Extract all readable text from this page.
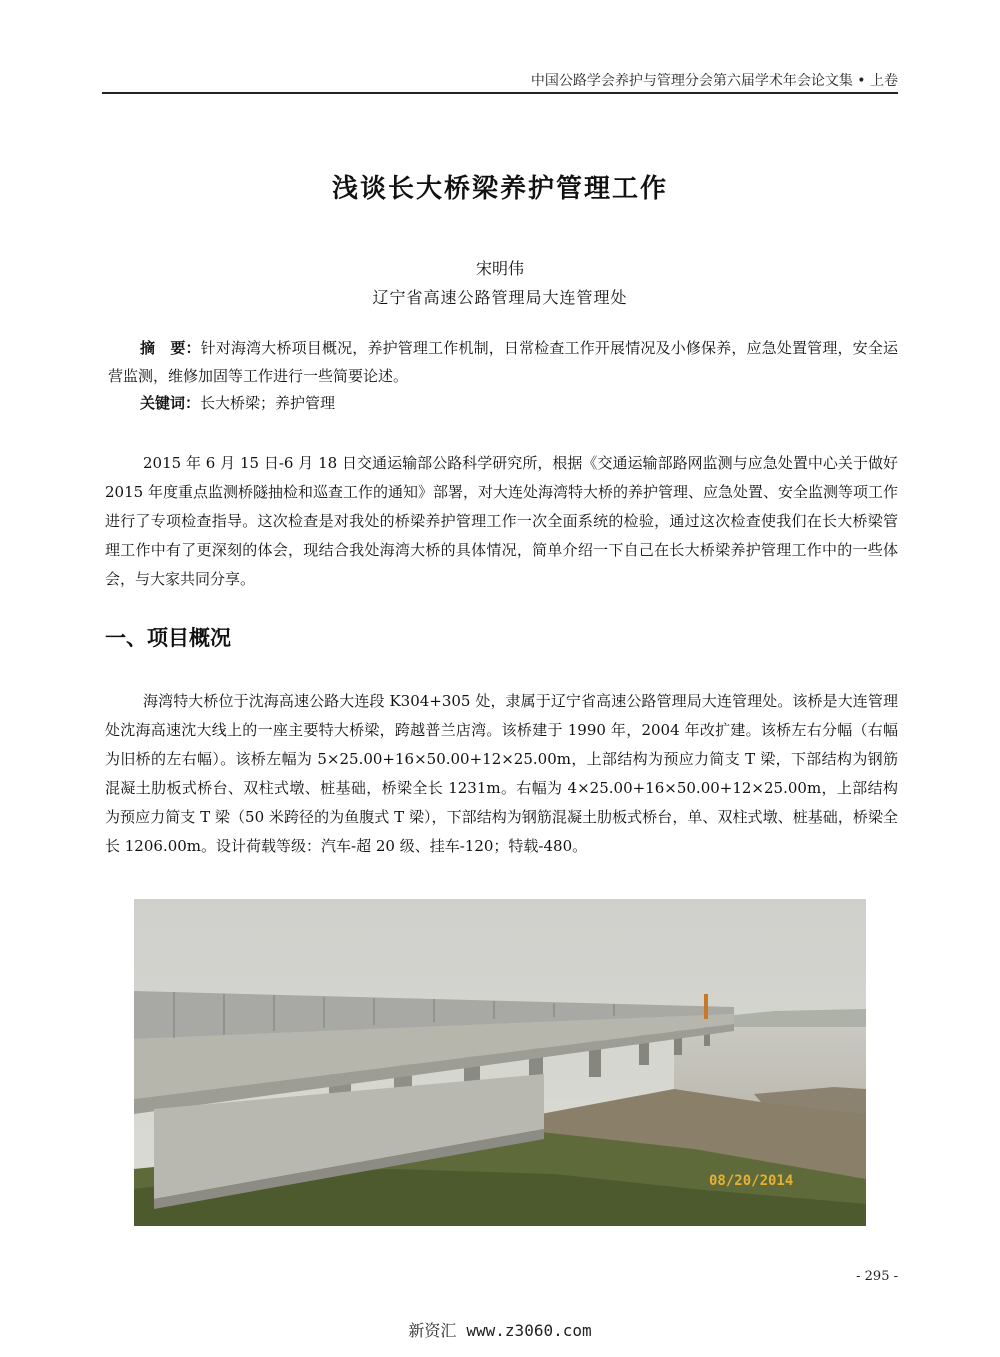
中国公路学会养护与管理分会第六届学术年会论文集 • 上卷
浅谈长大桥梁养护管理工作
宋明伟
辽宁省高速公路管理局大连管理处
摘　要：针对海湾大桥项目概况，养护管理工作机制，日常检查工作开展情况及小修保养，应急处置管理，安全运营监测，维修加固等工作进行一些简要论述。
关键词：长大桥梁；养护管理
2015 年 6 月 15 日-6 月 18 日交通运输部公路科学研究所，根据《交通运输部路网监测与应急处置中心关于做好 2015 年度重点监测桥隧抽检和巡查工作的通知》部署，对大连处海湾特大桥的养护管理、应急处置、安全监测等项工作进行了专项检查指导。这次检查是对我处的桥梁养护管理工作一次全面系统的检验，通过这次检查使我们在长大桥梁管理工作中有了更深刻的体会，现结合我处海湾大桥的具体情况，简单介绍一下自己在长大桥梁养护管理工作中的一些体会，与大家共同分享。
一、项目概况
海湾特大桥位于沈海高速公路大连段 K304+305 处，隶属于辽宁省高速公路管理局大连管理处。该桥是大连管理处沈海高速沈大线上的一座主要特大桥梁，跨越普兰店湾。该桥建于 1990 年，2004 年改扩建。该桥左右分幅（右幅为旧桥的左右幅）。该桥左幅为 5×25.00+16×50.00+12×25.00m，上部结构为预应力简支 T 梁，下部结构为钢筋混凝土肋板式桥台、双柱式墩、桩基础，桥梁全长 1231m。右幅为 4×25.00+16×50.00+12×25.00m，上部结构为预应力简支 T 梁（50 米跨径的为鱼腹式 T 梁），下部结构为钢筋混凝土肋板式桥台，单、双柱式墩、桩基础，桥梁全长 1206.00m。设计荷载等级：汽车-超 20 级、挂车-120；特载-480。
08/20/2014
- 295 -
新资汇 www.z3060.com
